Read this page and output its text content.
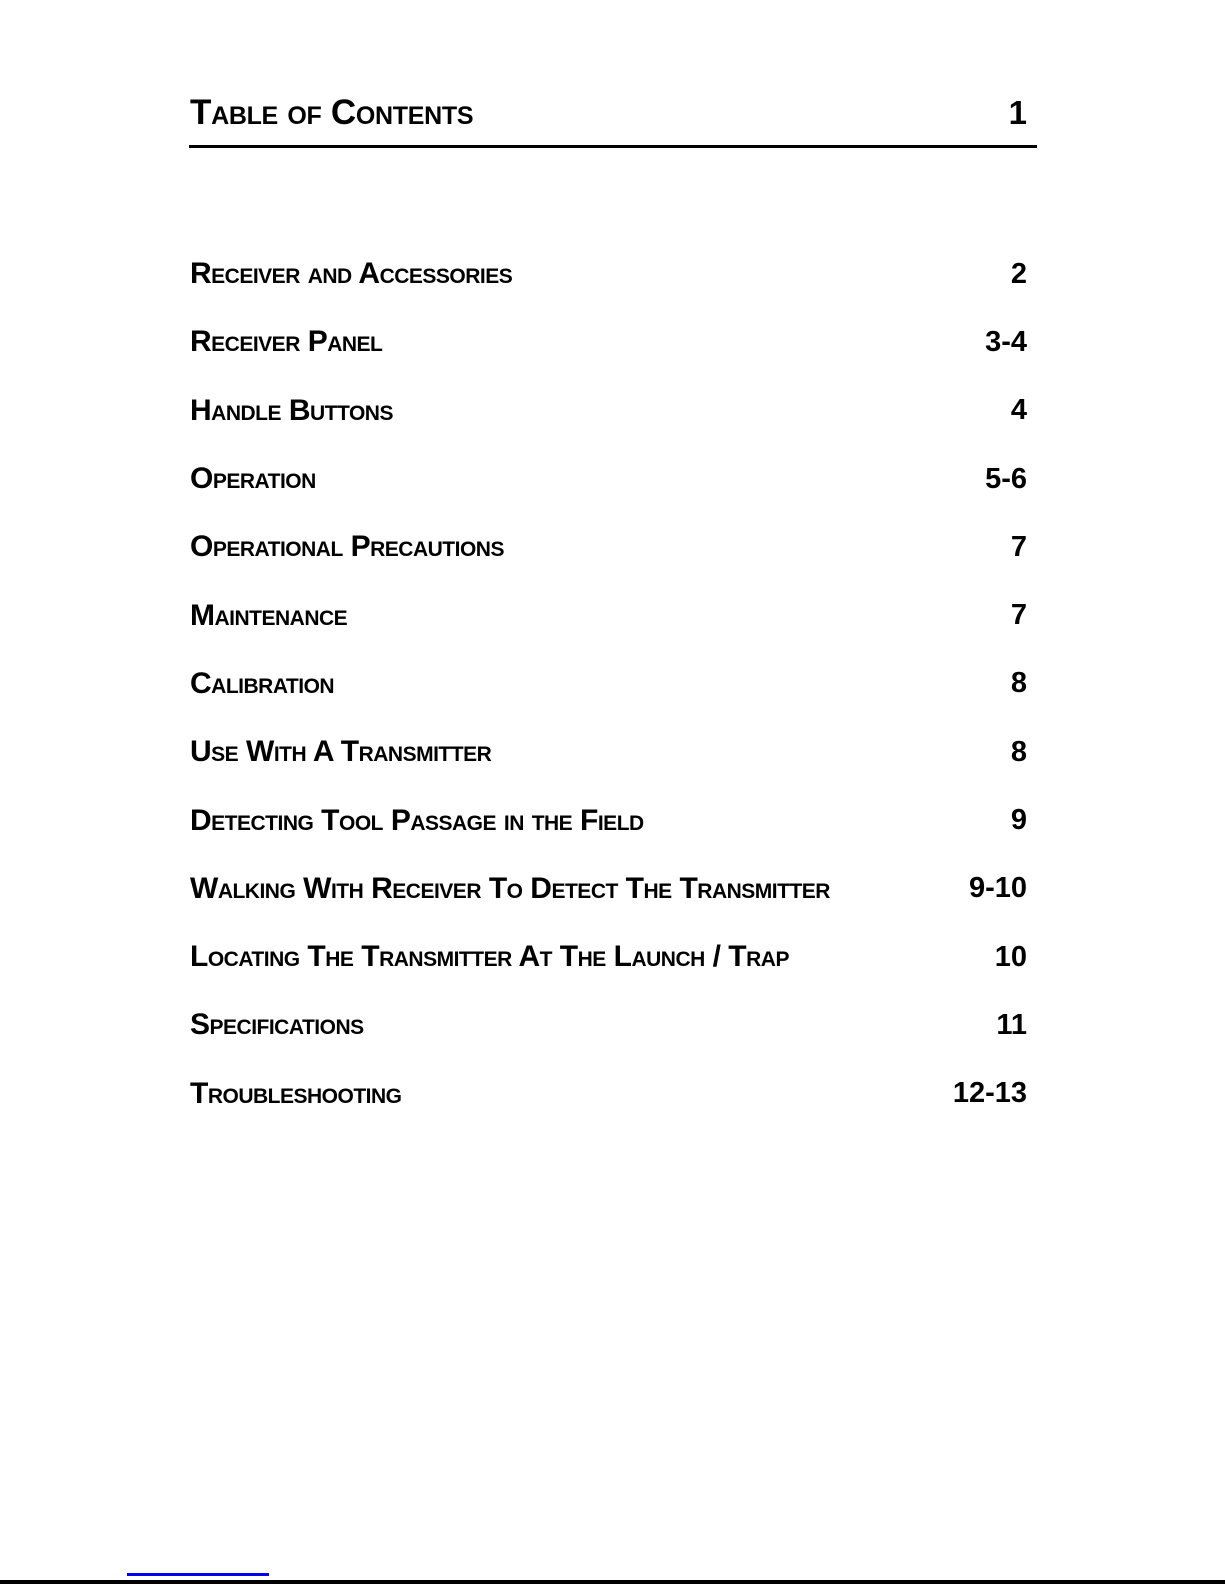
Table of Contents	1
Receiver and Accessories	2
Receiver Panel	3-4
Handle Buttons	4
Operation	5-6
Operational Precautions	7
Maintenance	7
Calibration	8
Use With A Transmitter	8
Detecting Tool Passage in the Field	9
Walking With Receiver To Detect The Transmitter	9-10
Locating The Transmitter At The Launch / Trap	10
Specifications	11
Troubleshooting	12-13
